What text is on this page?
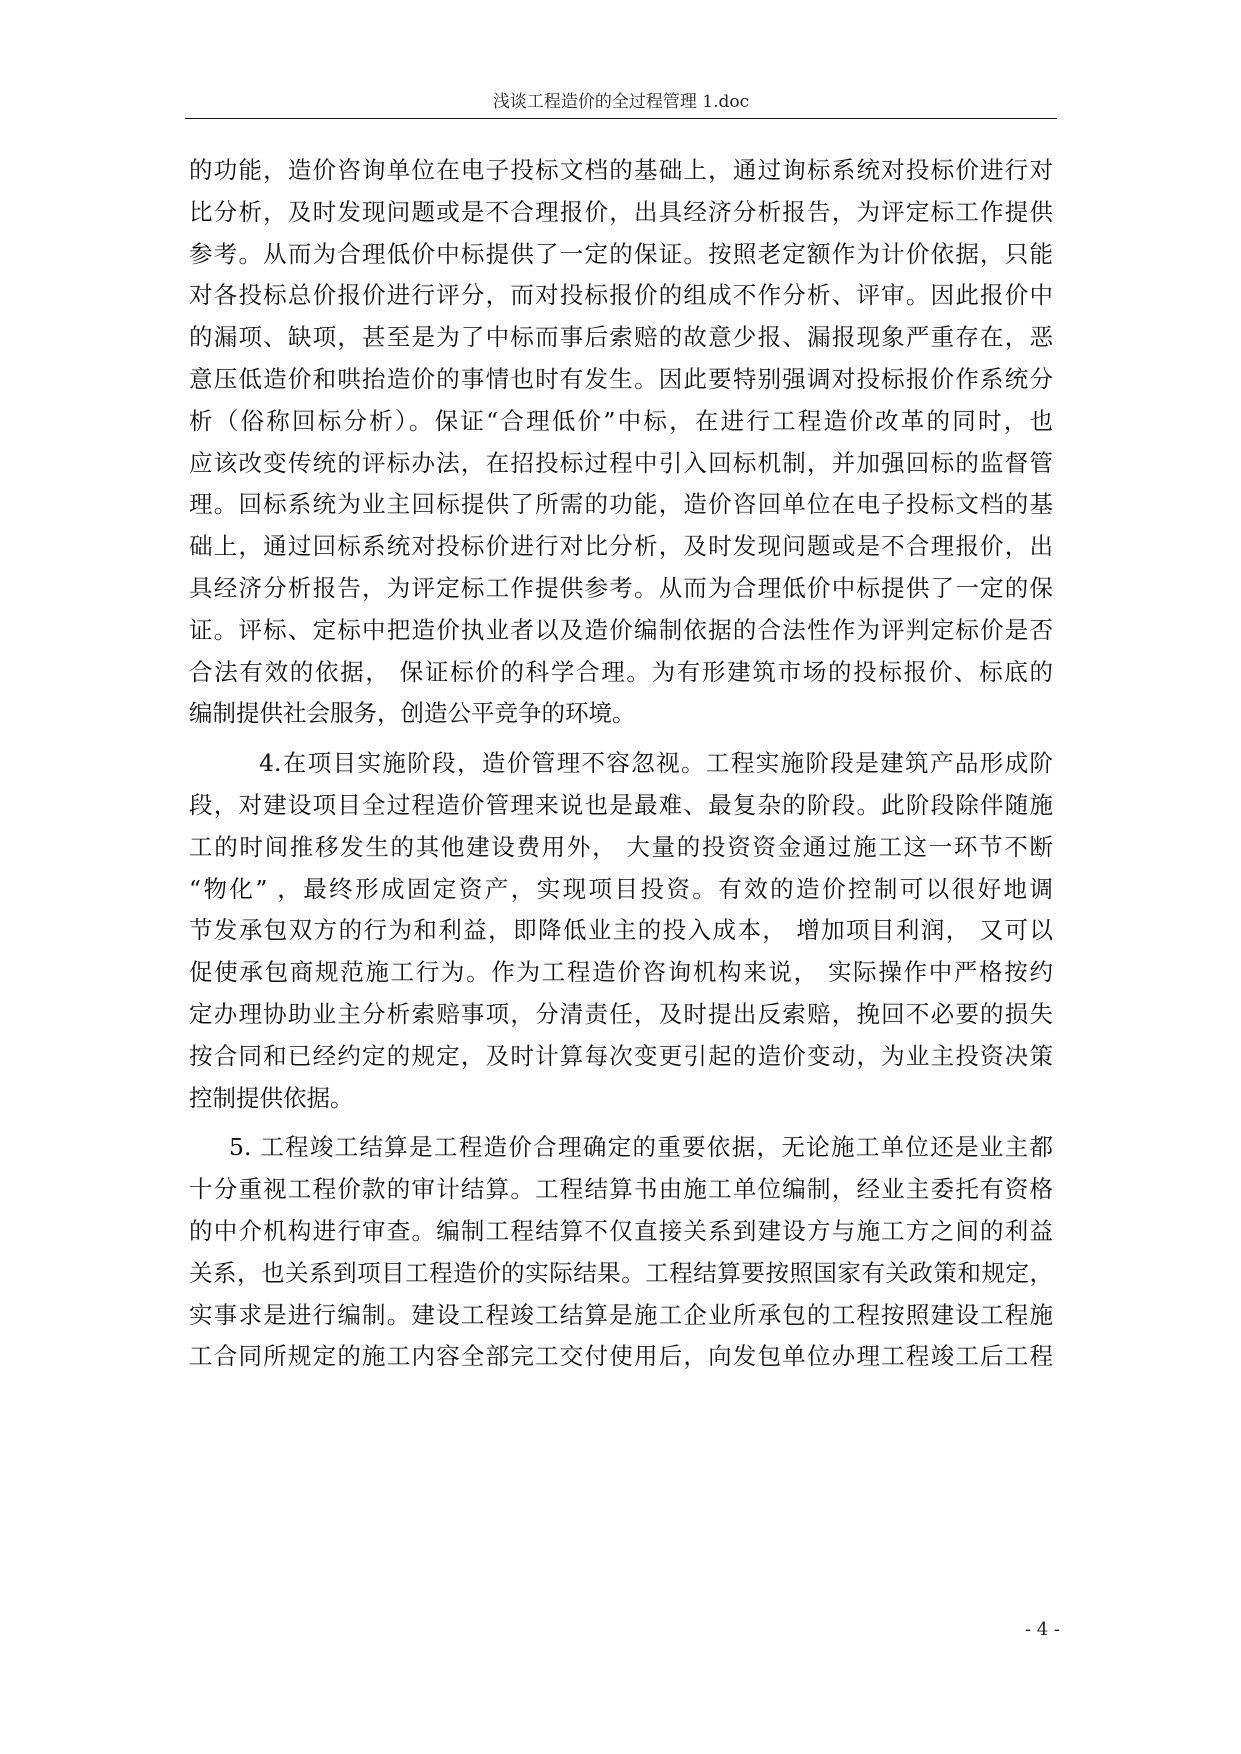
浅谈工程造价的全过程管理 1.doc
的功能，造价咨询单位在电子投标文档的基础上，通过询标系统对投标价进行对
比分析，及时发现问题或是不合理报价，出具经济分析报告，为评定标工作提供
参考。从而为合理低价中标提供了一定的保证。按照老定额作为计价依据，只能
对各投标总价报价进行评分，而对投标报价的组成不作分析、评审。因此报价中
的漏项、缺项，甚至是为了中标而事后索赔的故意少报、漏报现象严重存在，恶
意压低造价和哄抬造价的事情也时有发生。因此要特别强调对投标报价作系统分
析（俗称回标分析）。保证“合理低价”中标，在进行工程造价改革的同时，也
应该改变传统的评标办法，在招投标过程中引入回标机制，并加强回标的监督管
理。回标系统为业主回标提供了所需的功能，造价咨回单位在电子投标文档的基
础上，通过回标系统对投标价进行对比分析，及时发现问题或是不合理报价，出
具经济分析报告，为评定标工作提供参考。从而为合理低价中标提供了一定的保
证。评标、定标中把造价执业者以及造价编制依据的合法性作为评判定标价是否
合法有效的依据， 保证标价的科学合理。为有形建筑市场的投标报价、标底的
编制提供社会服务，创造公平竞争的环境。
4.在项目实施阶段，造价管理不容忽视。工程实施阶段是建筑产品形成阶
段，对建设项目全过程造价管理来说也是最难、最复杂的阶段。此阶段除伴随施
工的时间推移发生的其他建设费用外， 大量的投资资金通过施工这一环节不断
“物化” ，最终形成固定资产，实现项目投资。有效的造价控制可以很好地调
节发承包双方的行为和利益，即降低业主的投入成本， 增加项目利润， 又可以
促使承包商规范施工行为。作为工程造价咨询机构来说， 实际操作中严格按约
定办理协助业主分析索赔事项，分清责任，及时提出反索赔，挽回不必要的损失
按合同和已经约定的规定，及时计算每次变更引起的造价变动，为业主投资决策
控制提供依据。
5. 工程竣工结算是工程造价合理确定的重要依据，无论施工单位还是业主都
十分重视工程价款的审计结算。工程结算书由施工单位编制，经业主委托有资格
的中介机构进行审查。编制工程结算不仅直接关系到建设方与施工方之间的利益
关系，也关系到项目工程造价的实际结果。工程结算要按照国家有关政策和规定，
实事求是进行编制。建设工程竣工结算是施工企业所承包的工程按照建设工程施
工合同所规定的施工内容全部完工交付使用后，向发包单位办理工程竣工后工程
- 4 -
